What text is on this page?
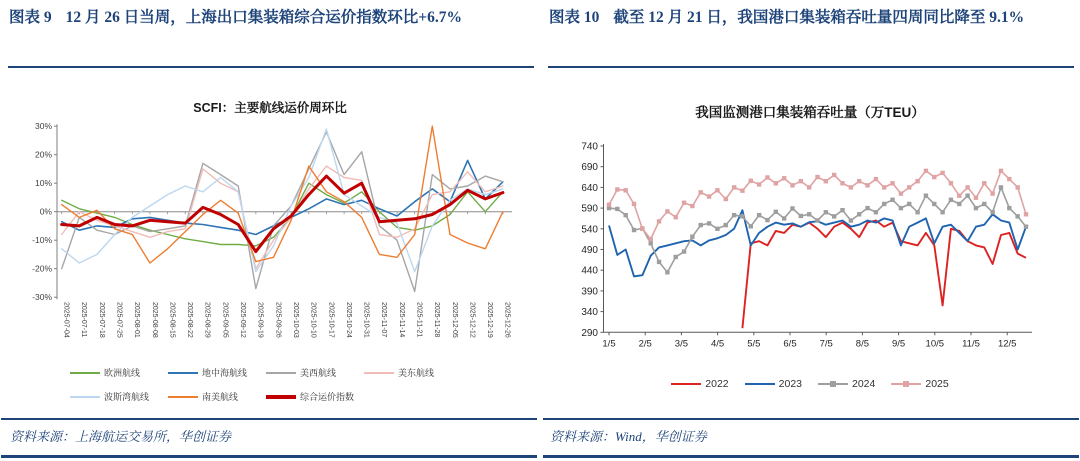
图表 9 12 月 26 日当周，上海出口集装箱综合运价指数环比+6.7%
SCFI：主要航线运价周环比
30%
20%
10%
0%
-10%
-20%
-30%
2025-07-04 2025-07-11 2025-07-18 2025-07-25 2025-08-01 2025-08-08 2025-08-15 2025-08-22 2025-08-29 2025-09-05 2025-09-12 2025-09-19 2025-09-26 2025-10-03 2025-10-10 2025-10-17 2025-10-24 2025-10-31 2025-11-07 2025-11-14 2025-11-21 2025-11-28 2025-12-05 2025-12-12 2025-12-19 2025-12-26
欧洲航线	地中海航线	美西航线	美东航线
波斯湾航线	南美航线	综合运价指数
资料来源：上海航运交易所，华创证券
图表 10 截至 12 月 21 日，我国港口集装箱吞吐量四周同比降至 9.1%
我国监测港口集装箱吞吐量（万TEU）
740
690
640
590
540
490
440
390
340
290
1/5 2/5 3/5 4/5 5/5 6/5 7/5 8/5 9/5 10/5 11/5 12/5
2022	2023	2024	2025
资料来源：Wind，华创证券
